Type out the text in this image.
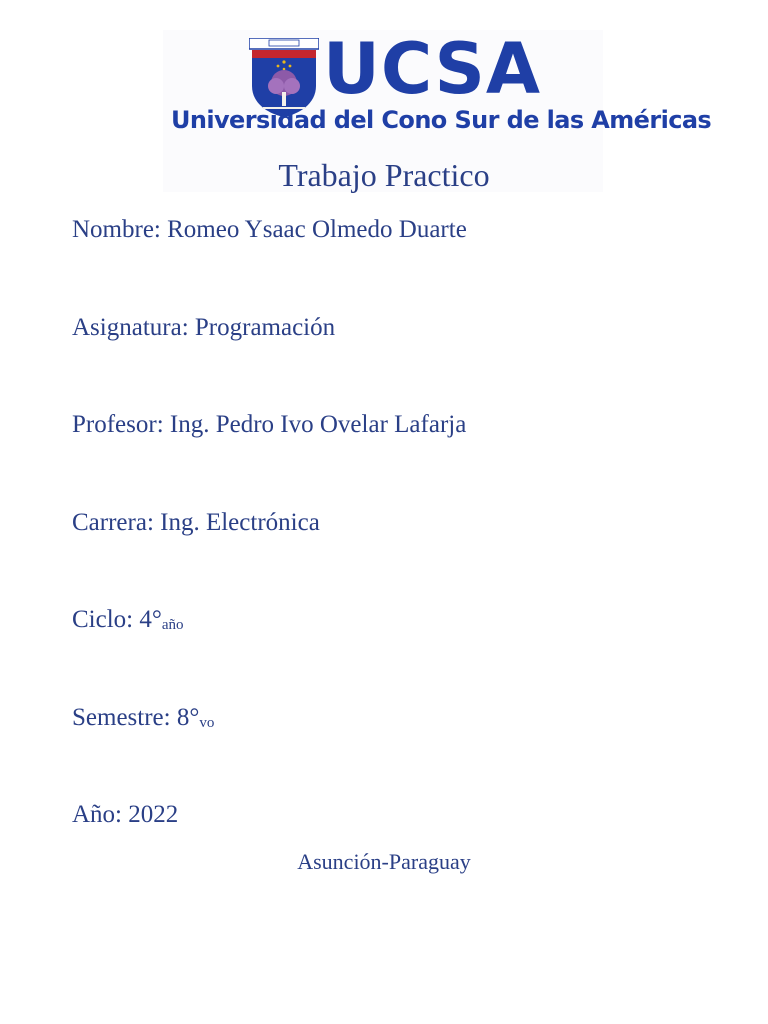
UCSA
Universidad del Cono Sur de las Américas
Trabajo Practico
Nombre: Romeo Ysaac Olmedo Duarte
Asignatura: Programación
Profesor: Ing. Pedro Ivo Ovelar Lafarja
Carrera: Ing. Electrónica
Ciclo: $4^\circ_{año}$
Semestre: $8^\circ_{vo}$
Año: 2022
Asunción-Paraguay
